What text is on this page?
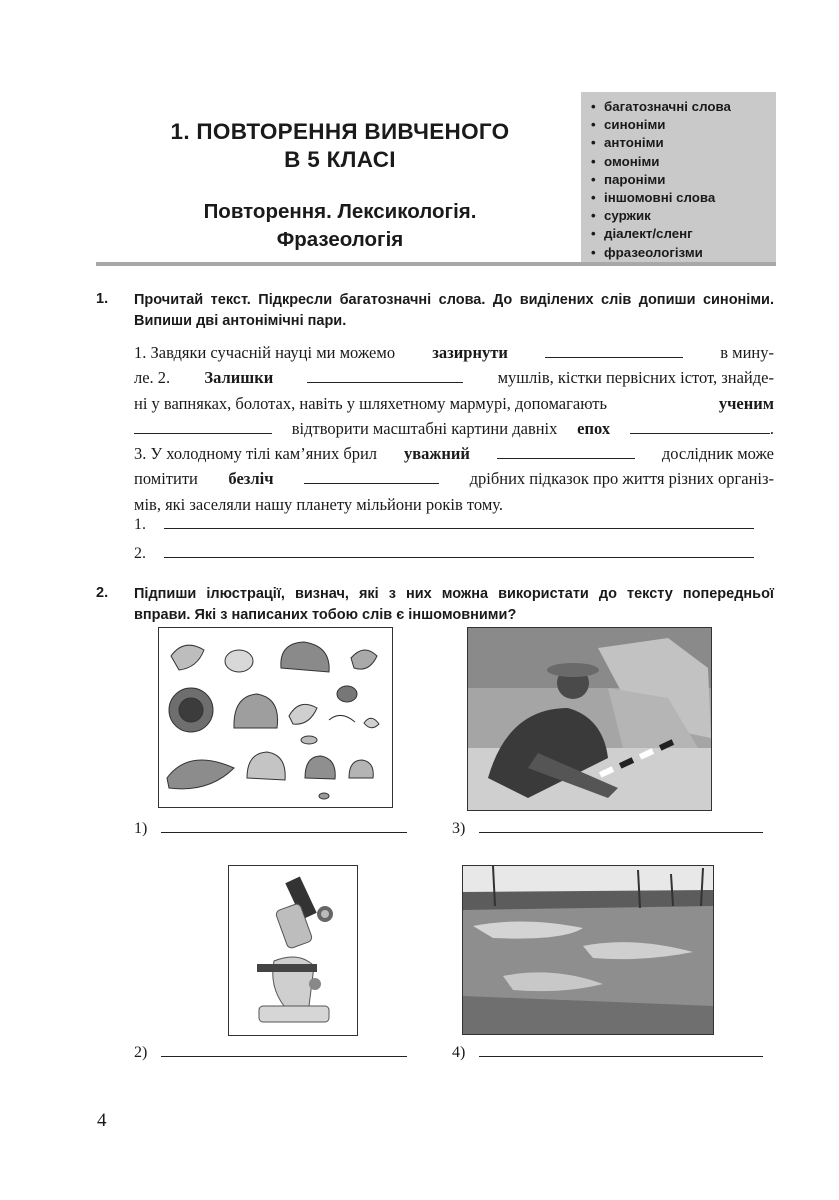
1. ПОВТОРЕННЯ ВИВЧЕНОГО
В 5 КЛАСІ
Повторення. Лексикологія.
Фразеологія
• багатозначні слова
• синоніми
• антоніми
• омоніми
• пароніми
• іншомовні слова
• суржик
• діалект/сленг
• фразеологізми
1. Прочитай текст. Підкресли багатозначні слова. До виділених слів допиши синоніми. Випиши дві антонімічні пари.

1. Завдяки сучасній науці ми можемо зазирнути	в мину-
ле. 2. Залишки	мушлів, кістки первісних істот, знайде-
ні у вапняках, болотах, навіть у шляхетному мармурі, допомагають	ученим
відтворити масштабні картини давніх епох	.
3. У холодному тілі кам’яних брил уважний	дослідник може
помітити безліч	дрібних підказок про життя різних організ-
мів, які заселяли нашу планету мільйони років тому.
1.
2.
2. Підпиши ілюстрації, визнач, які з них можна використати до тексту попередньої вправи. Які з написаних тобою слів є іншомовними?

1)	3)
2)	4)
4
